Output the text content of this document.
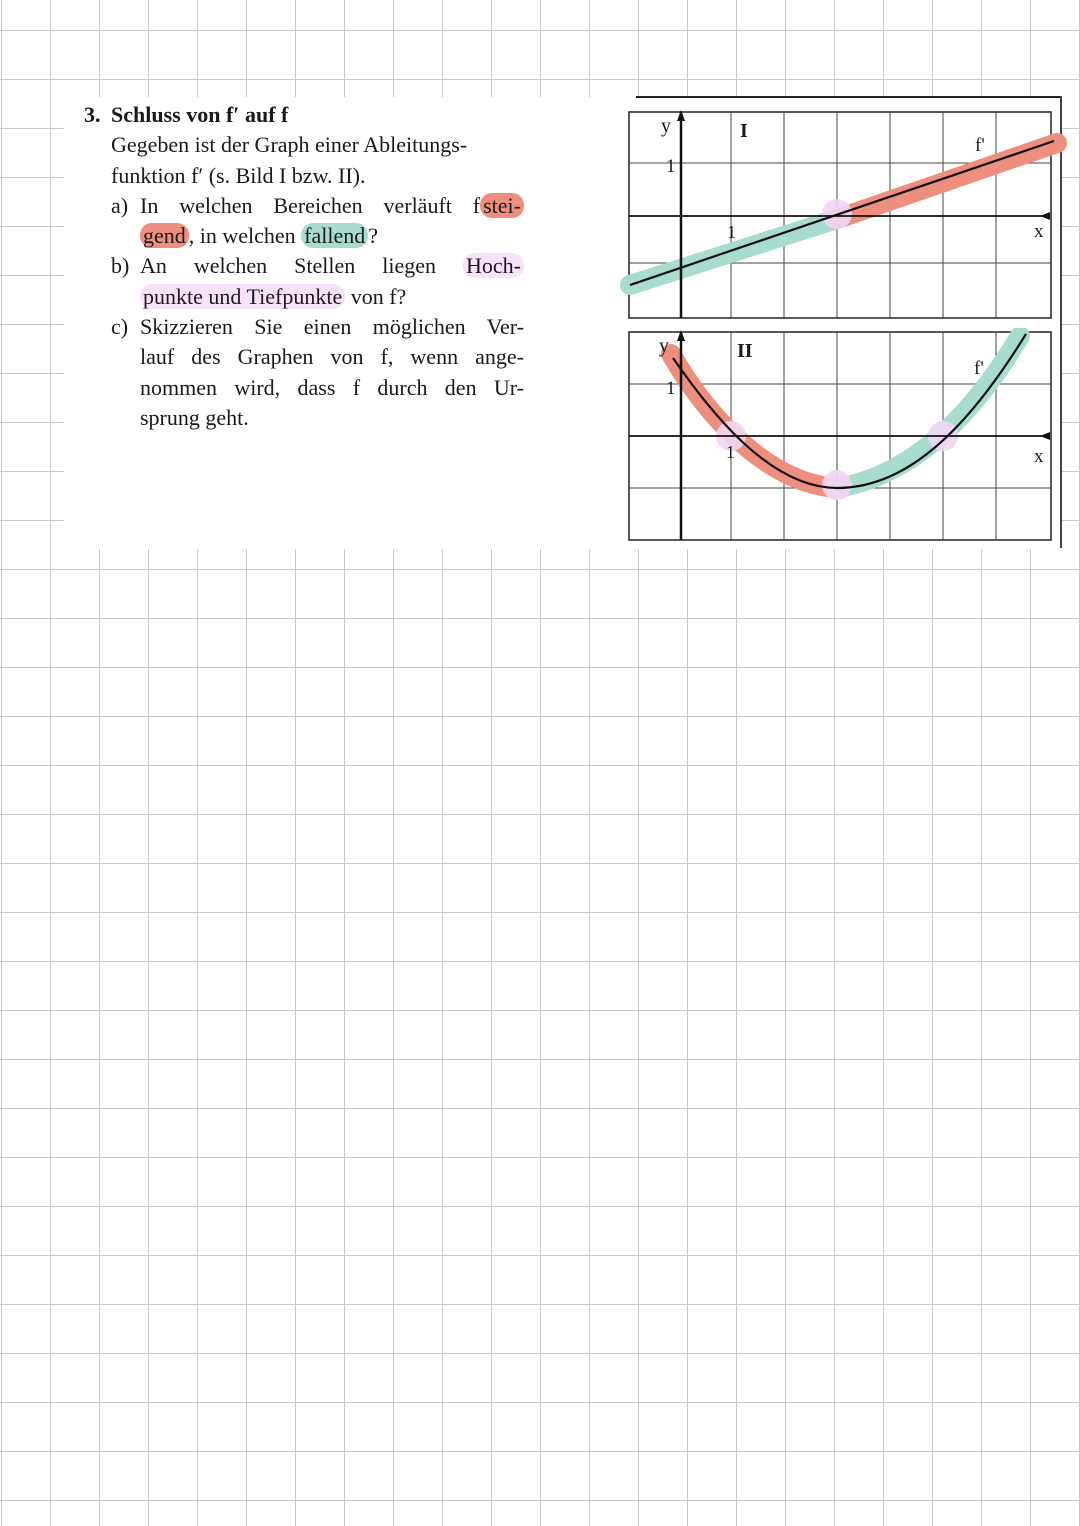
3. Schluss von f′ auf f

Gegeben ist der Graph einer Ableitungs-

funktion f′ (s. Bild I bzw. II).

a) In welchen Bereichen verläuft f stei-
gend , in welchen fallend ?
b) An welchen Stellen liegen Hoch-
punkte und Tiefpunkte von f?
c) Skizzieren Sie einen möglichen Ver-
lauf des Graphen von f, wenn ange-
nommen wird, dass f durch den Ur-
sprung geht.
y
1
1
I
f'
x
y
1
1
II
f'
x
